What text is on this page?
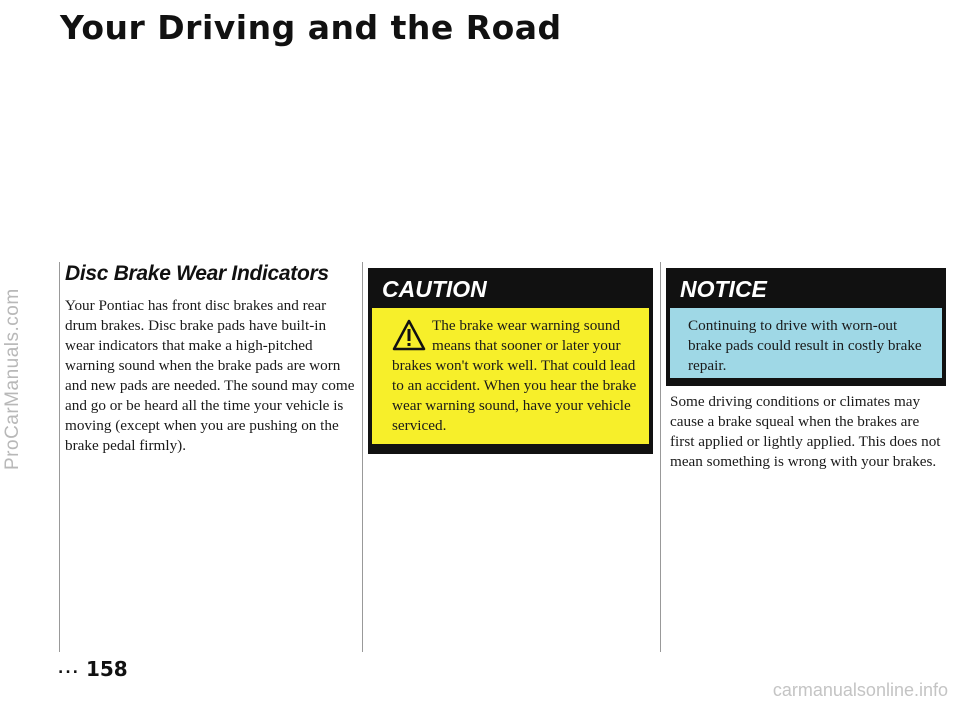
ProCarManuals.com
Your Driving and the Road
Disc Brake Wear Indicators

Your Pontiac has front disc brakes and rear drum brakes. Disc brake pads have built-in wear indicators that make a high-pitched warning sound when the brake pads are worn and new pads are needed. The sound may come and go or be heard all the time your vehicle is moving (except when you are pushing on the brake pedal firmly).

CAUTION
The brake wear warning sound means that sooner or later your brakes won't work well. That could lead to an accident. When you hear the brake wear warning sound, have your vehicle serviced.
NOTICE
Continuing to drive with worn-out brake pads could result in costly brake repair.

Some driving conditions or climates may cause a brake squeal when the brakes are first applied or lightly applied. This does not mean something is wrong with your brakes.

... 158
carmanualsonline.info
